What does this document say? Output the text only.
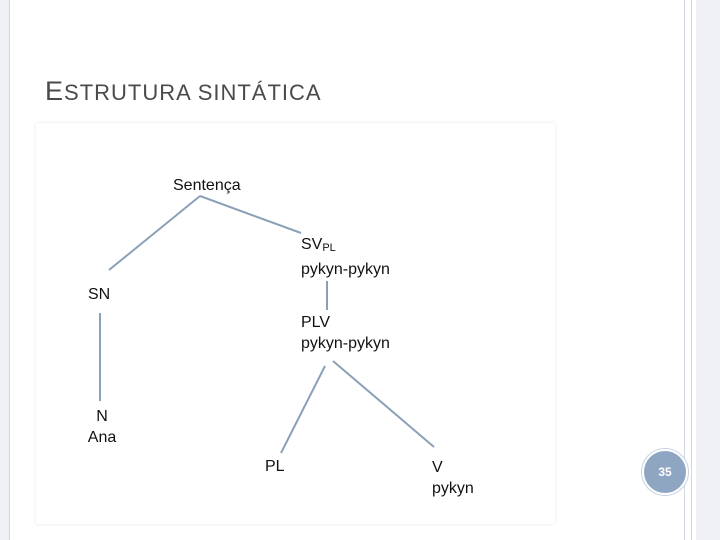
ESTRUTURA SINTÁTICA
Sentença
$SV_{PL}$
pykyn-pykyn
SN
PLV
pykyn-pykyn
N
Ana
PL	V
pykyn
35
